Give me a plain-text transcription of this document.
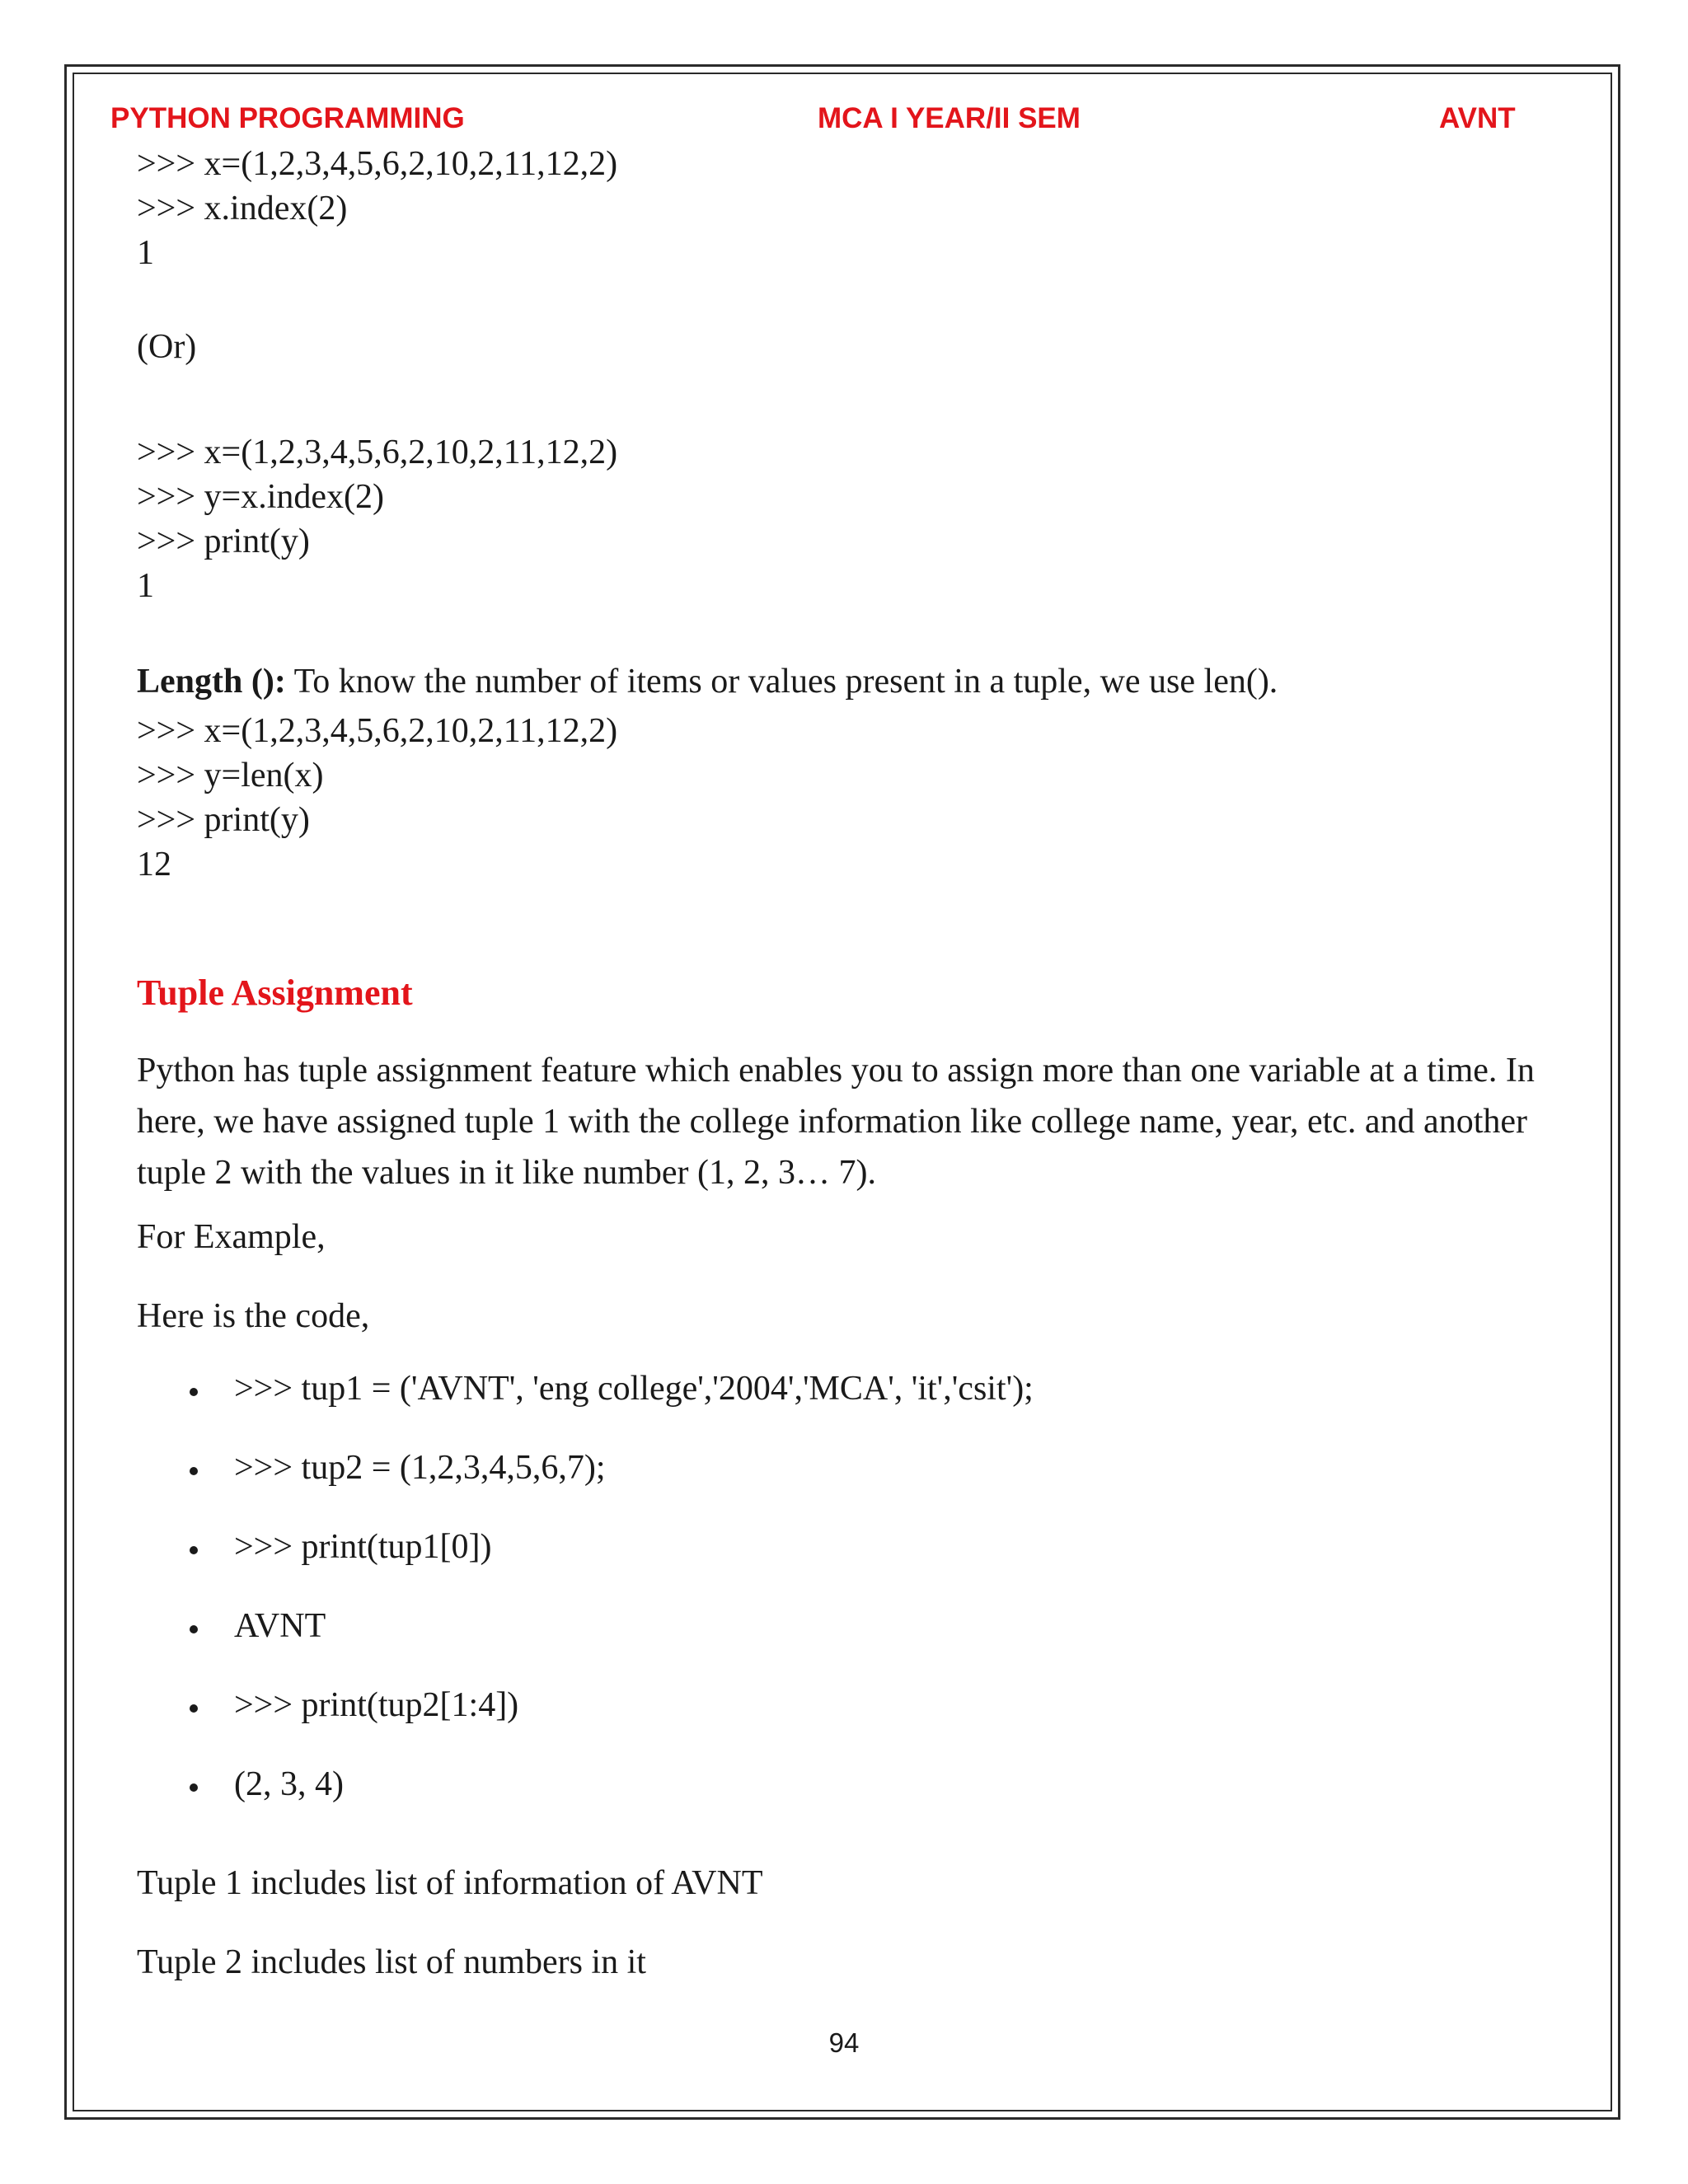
PYTHON PROGRAMMING	MCA I YEAR/II SEM	AVNT
>>> x=(1,2,3,4,5,6,2,10,2,11,12,2)
>>> x.index(2)
1
(Or)
>>> x=(1,2,3,4,5,6,2,10,2,11,12,2)
>>> y=x.index(2)
>>> print(y)
1
Length (): To know the number of items or values present in a tuple, we use len().
>>> x=(1,2,3,4,5,6,2,10,2,11,12,2)
>>> y=len(x)
>>> print(y)
12
Tuple Assignment
Python has tuple assignment feature which enables you to assign more than one variable at a time. In here, we have assigned tuple 1 with the college information like college name, year, etc. and another tuple 2 with the values in it like number (1, 2, 3… 7).
For Example,
Here is the code,
>>> tup1 = ('AVNT', 'eng college','2004','MCA', 'it','csit');
>>> tup2 = (1,2,3,4,5,6,7);
>>> print(tup1[0])
AVNT
>>> print(tup2[1:4])
(2, 3, 4)
Tuple 1 includes list of information of AVNT
Tuple 2 includes list of numbers in it
94
